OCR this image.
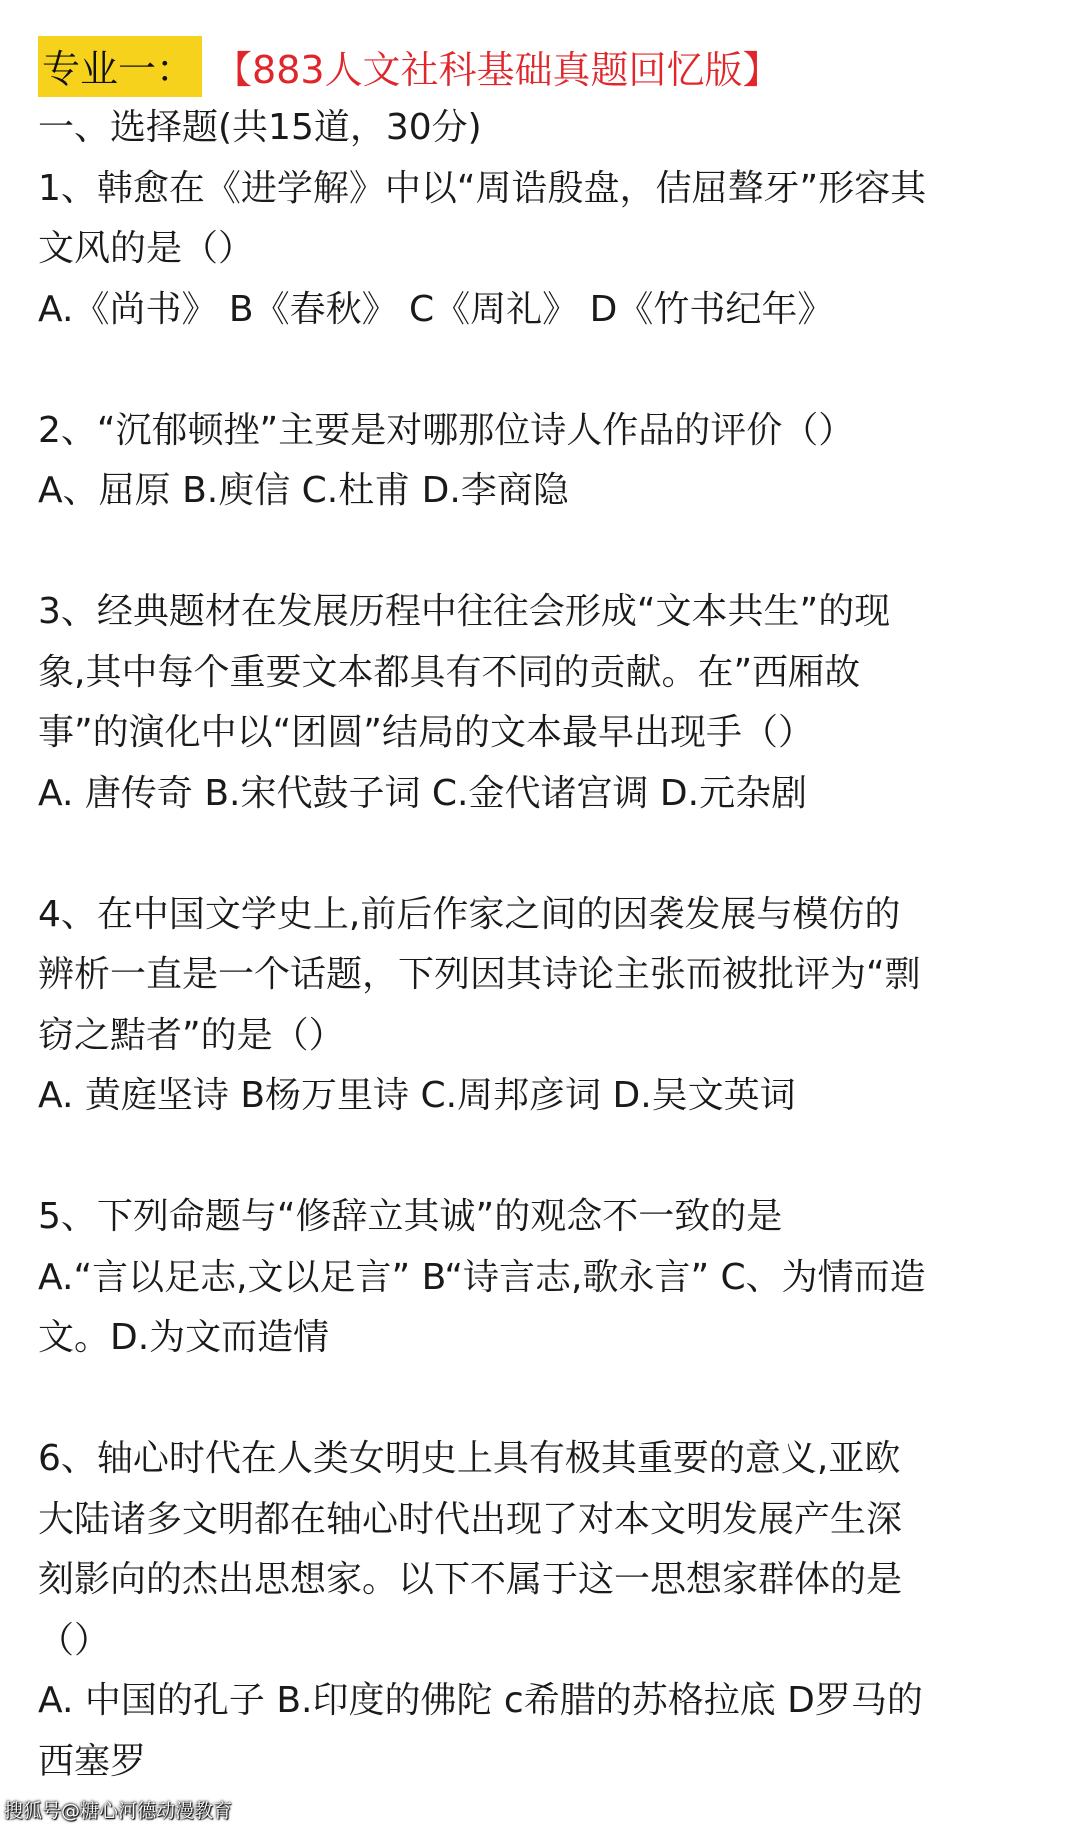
专业一： 【883人文社科基础真题回忆版】
一、选择题(共15道，30分)
1、韩愈在《进学解》中以“周诰殷盘，佶屈聱牙”形容其
文风的是（）
A.《尚书》 B《春秋》 C《周礼》 D《竹书纪年》
2、“沉郁顿挫”主要是对哪那位诗人作品的评价（）
A、屈原 B.庾信 C.杜甫 D.李商隐
3、经典题材在发展历程中往往会形成“文本共生”的现
象,其中每个重要文本都具有不同的贡献。在”西厢故
事”的演化中以“团圆”结局的文本最早出现手（）
A. 唐传奇 B.宋代鼓子词 C.金代诸宫调 D.元杂剧
4、在中国文学史上,前后作家之间的因袭发展与模仿的
辨析一直是一个话题，下列因其诗论主张而被批评为“剽
窃之黠者”的是（）
A. 黄庭坚诗 B杨万里诗 C.周邦彦词 D.吴文英词
5、下列命题与“修辞立其诚”的观念不一致的是
A.“言以足志,文以足言” B“诗言志,歌永言” C、为情而造
文。D.为文而造情
6、轴心时代在人类女明史上具有极其重要的意义,亚欧
大陆诸多文明都在轴心时代出现了对本文明发展产生深
刻影向的杰出思想家。以下不属于这一思想家群体的是
（）
A. 中国的孔子 B.印度的佛陀 c希腊的苏格拉底 D罗马的
西塞罗
搜狐号@糖心河德动漫教育
